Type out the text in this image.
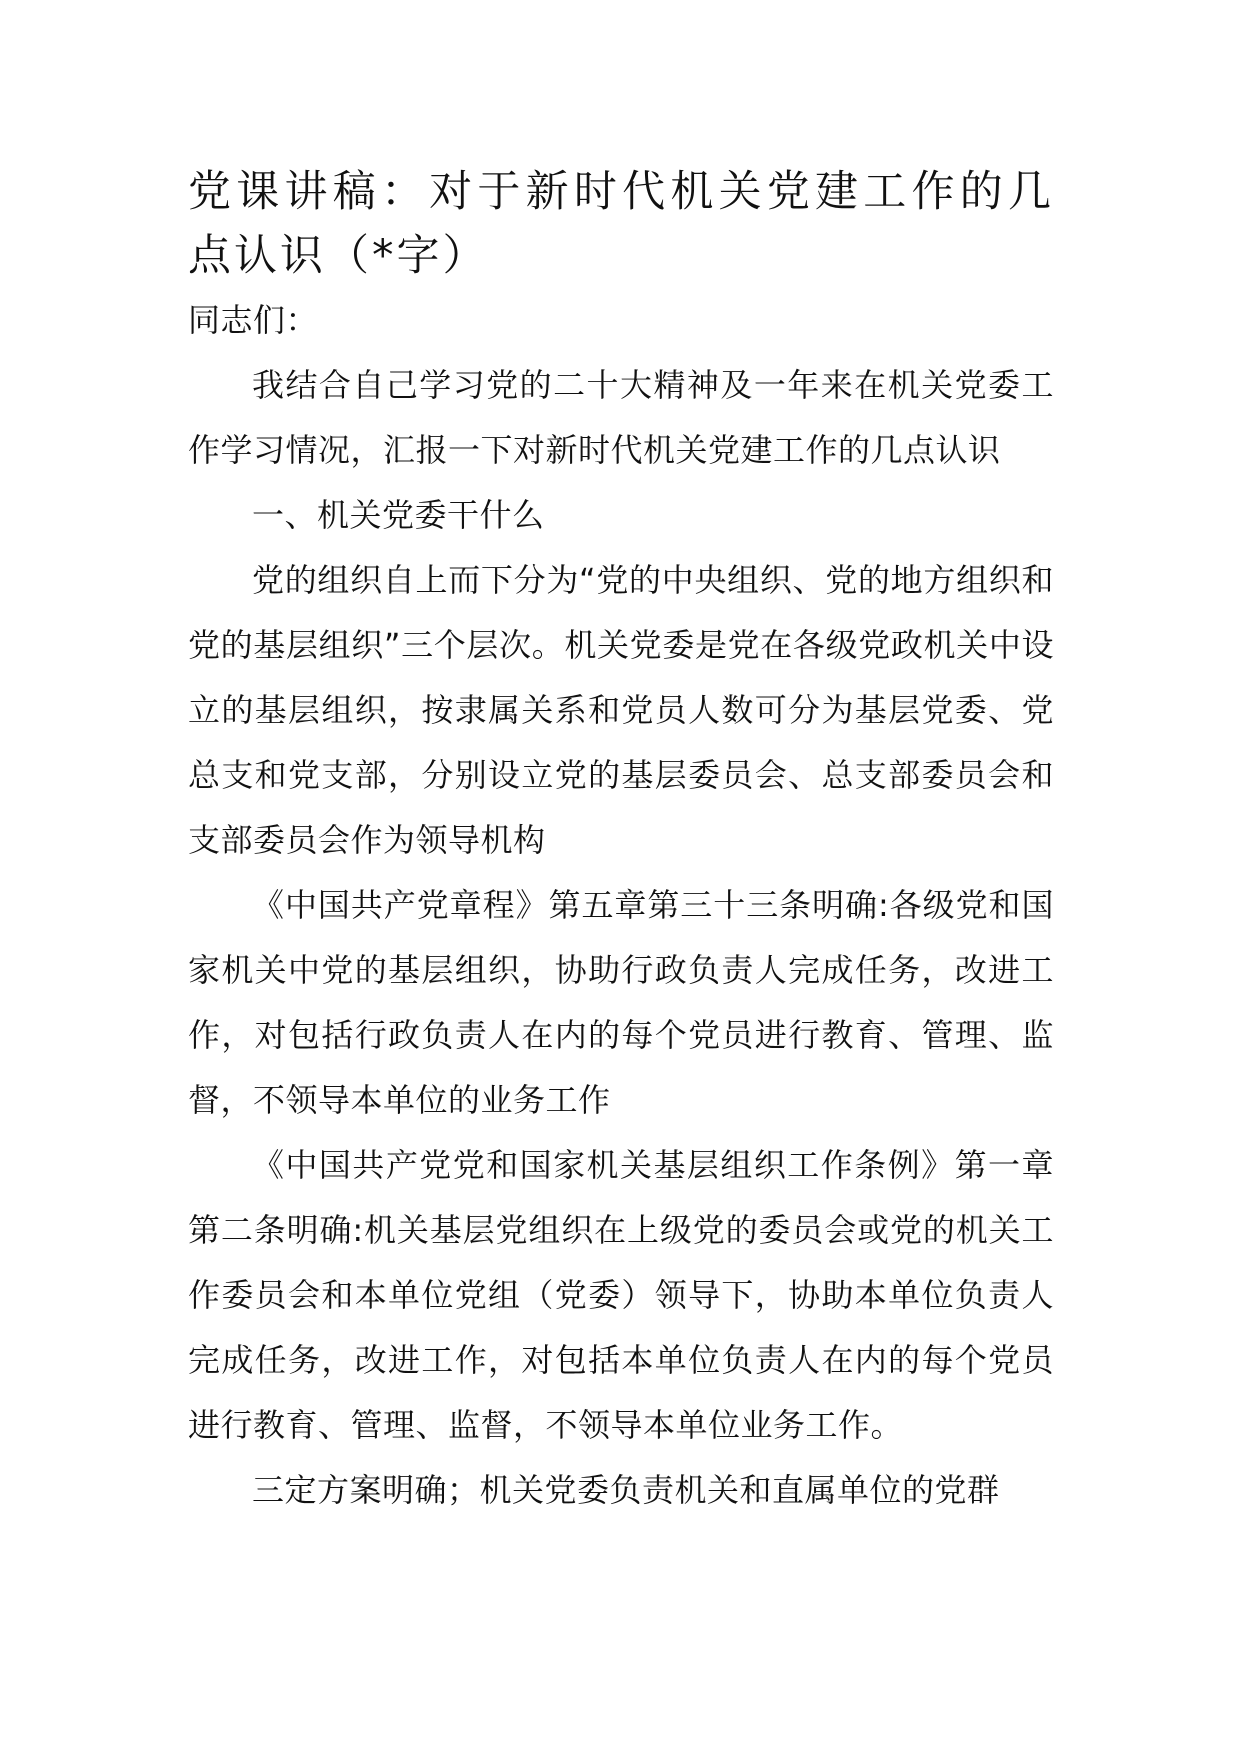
党课讲稿：对于新时代机关党建工作的几点认识（*字）

同志们：

我结合自己学习党的二十大精神及一年来在机关党委工作学习情况，汇报一下对新时代机关党建工作的几点认识

一、机关党委干什么

党的组织自上而下分为“党的中央组织、党的地方组织和党的基层组织”三个层次。机关党委是党在各级党政机关中设立的基层组织，按隶属关系和党员人数可分为基层党委、党总支和党支部，分别设立党的基层委员会、总支部委员会和支部委员会作为领导机构

《中国共产党章程》第五章第三十三条明确:各级党和国家机关中党的基层组织，协助行政负责人完成任务，改进工作，对包括行政负责人在内的每个党员进行教育、管理、监督，不领导本单位的业务工作

《中国共产党党和国家机关基层组织工作条例》第一章第二条明确:机关基层党组织在上级党的委员会或党的机关工作委员会和本单位党组（党委）领导下，协助本单位负责人完成任务，改进工作，对包括本单位负责人在内的每个党员进行教育、管理、监督，不领导本单位业务工作。

三定方案明确；机关党委负责机关和直属单位的党群
